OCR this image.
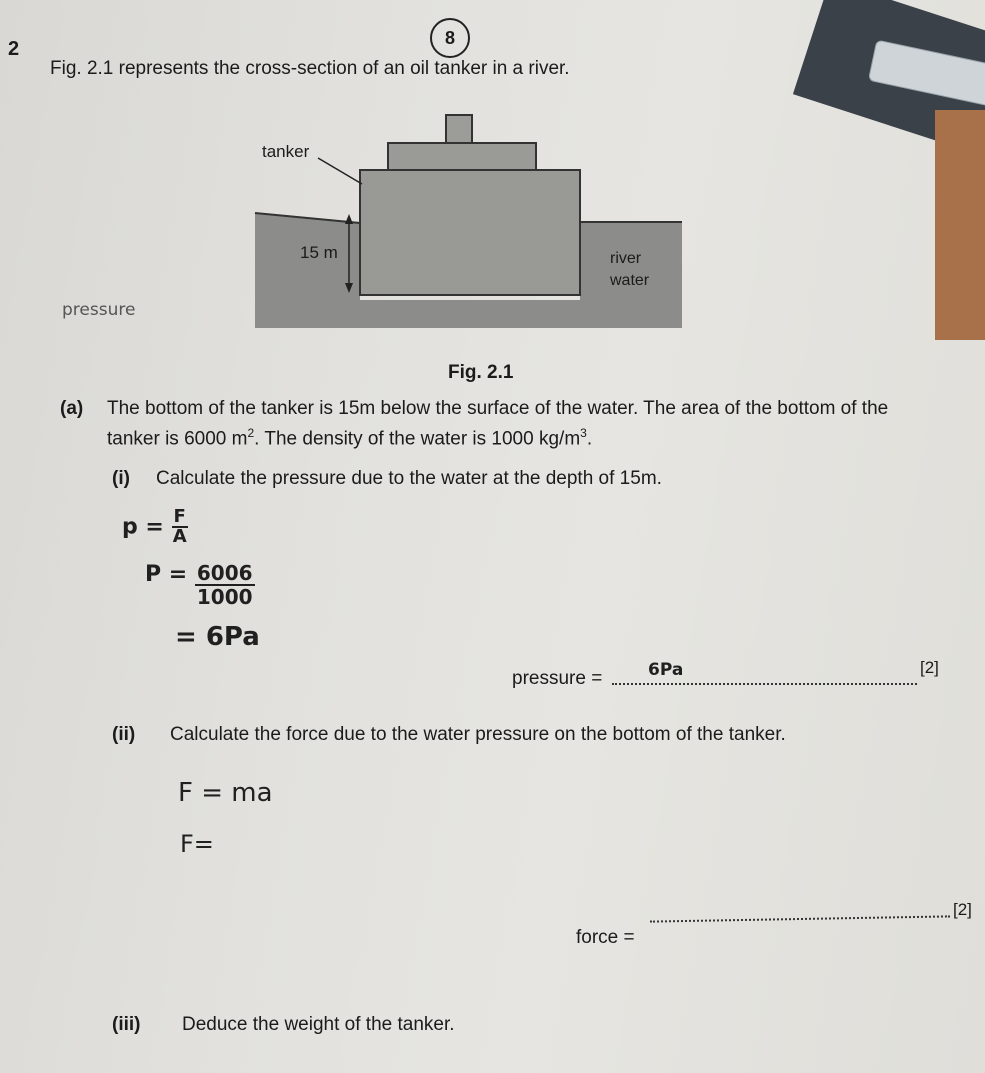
8
2
Fig. 2.1 represents the cross-section of an oil tanker in a river.
tanker
15 m	river
water
pressure
Fig. 2.1
(a) The bottom of the tanker is 15m below the surface of the water. The area of the bottom of the
tanker is 6000 $m^2$. The density of the water is 1000 $kg/m^3$.
(i) Calculate the pressure due to the water at the depth of 15m.
$p = \frac{F}{A}$
$P = \frac{6006}{1000}$
= 6Pa
pressure =	6Pa	[2]
(ii) Calculate the force due to the water pressure on the bottom of the tanker.
F = ma
F=
force =
[2]
(iii) Deduce the weight of the tanker.
